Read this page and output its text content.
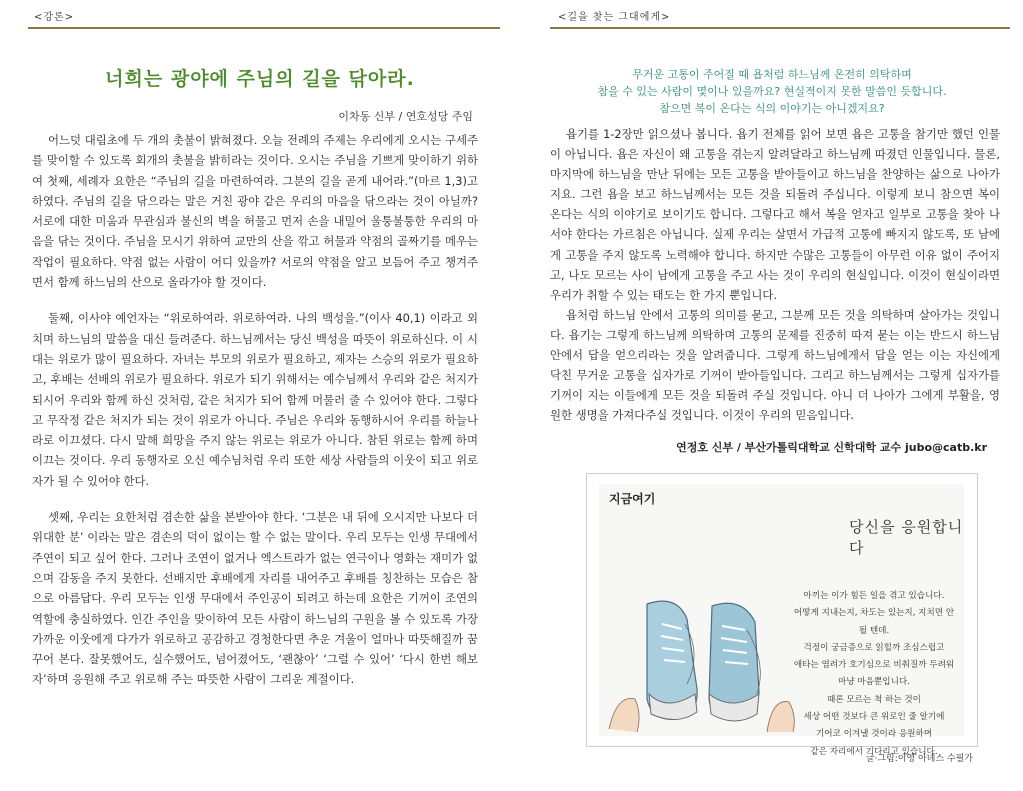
<강론>
너희는 광야에 주님의 길을 닦아라.
이차동 신부 / 연호성당 주임

어느덧 대림초에 두 개의 촛불이 밝혀졌다. 오늘 전례의 주제는 우리에게 오시는 구세주를 맞이할 수 있도록 회개의 촛불을 밝히라는 것이다. 오시는 주님을 기쁘게 맞이하기 위하여 첫째, 세례자 요한은 “주님의 길을 마련하여라. 그분의 길을 곧게 내어라.”(마르 1,3)고 하였다. 주님의 길을 닦으라는 말은 거친 광야 같은 우리의 마음을 닦으라는 것이 아닐까? 서로에 대한 미움과 무관심과 불신의 벽을 허물고 먼저 손을 내밀어 울퉁불퉁한 우리의 마음을 닦는 것이다. 주님을 모시기 위하여 교만의 산을 깎고 허물과 약점의 골짜기를 메우는 작업이 필요하다. 약점 없는 사람이 어디 있을까? 서로의 약점을 알고 보듬어 주고 챙겨주면서 함께 하느님의 산으로 올라가야 할 것이다.

둘째, 이사야 예언자는 “위로하여라. 위로하여라. 나의 백성을.”(이사 40,1) 이라고 외치며 하느님의 말씀을 대신 들려준다. 하느님께서는 당신 백성을 따뜻이 위로하신다. 이 시대는 위로가 많이 필요하다. 자녀는 부모의 위로가 필요하고, 제자는 스승의 위로가 필요하고, 후배는 선배의 위로가 필요하다. 위로가 되기 위해서는 예수님께서 우리와 같은 처지가 되시어 우리와 함께 하신 것처럼, 같은 처지가 되어 함께 머물러 줄 수 있어야 한다. 그렇다고 무작정 같은 처지가 되는 것이 위로가 아니다. 주님은 우리와 동행하시어 우리를 하늘나라로 이끄셨다. 다시 말해 희망을 주지 않는 위로는 위로가 아니다. 참된 위로는 함께 하며 이끄는 것이다. 우리 동행자로 오신 예수님처럼 우리 또한 세상 사람들의 이웃이 되고 위로자가 될 수 있어야 한다.

셋째, 우리는 요한처럼 겸손한 삶을 본받아야 한다. ‘그분은 내 뒤에 오시지만 나보다 더 위대한 분’ 이라는 말은 겸손의 덕이 없이는 할 수 없는 말이다. 우리 모두는 인생 무대에서 주연이 되고 싶어 한다. 그러나 조연이 없거나 엑스트라가 없는 연극이나 영화는 재미가 없으며 감동을 주지 못한다. 선배지만 후배에게 자리를 내어주고 후배를 칭찬하는 모습은 참으로 아름답다. 우리 모두는 인생 무대에서 주인공이 되려고 하는데 요한은 기꺼이 조연의 역할에 충실하였다. 인간 주인을 맞이하여 모든 사람이 하느님의 구원을 볼 수 있도록 가장 가까운 이웃에게 다가가 위로하고 공감하고 경청한다면 추운 겨울이 얼마나 따뜻해질까 꿈꾸어 본다. 잘못했어도, 실수했어도, 넘어졌어도, ‘괜찮아’ ‘그럴 수 있어’ ‘다시 한번 해보자’하며 응원해 주고 위로해 주는 따뜻한 사람이 그리운 계절이다.

<길을 찾는 그대에게>
무거운 고통이 주어질 때 욥처럼 하느님께 온전히 의탁하며
참을 수 있는 사람이 몇이나 있을까요? 현실적이지 못한 말씀인 듯합니다.
참으면 복이 온다는 식의 이야기는 아니겠지요?

욥기를 1-2장만 읽으셨나 봅니다. 욥기 전체를 읽어 보면 욥은 고통을 참기만 했던 인물이 아닙니다. 욥은 자신이 왜 고통을 겪는지 알려달라고 하느님께 따졌던 인물입니다. 물론, 마지막에 하느님을 만난 뒤에는 모든 고통을 받아들이고 하느님을 찬양하는 삶으로 나아가지요. 그런 욥을 보고 하느님께서는 모든 것을 되돌려 주십니다. 이렇게 보니 참으면 복이 온다는 식의 이야기로 보이기도 합니다. 그렇다고 해서 복을 얻자고 일부로 고통을 찾아 나서야 한다는 가르침은 아닙니다. 실제 우리는 살면서 가급적 고통에 빠지지 않도록, 또 남에게 고통을 주지 않도록 노력해야 합니다. 하지만 수많은 고통들이 아무런 이유 없이 주어지고, 나도 모르는 사이 남에게 고통을 주고 사는 것이 우리의 현실입니다. 이것이 현실이라면 우리가 취할 수 있는 태도는 한 가지 뿐입니다.

욥처럼 하느님 안에서 고통의 의미를 묻고, 그분께 모든 것을 의탁하며 살아가는 것입니다. 욥기는 그렇게 하느님께 의탁하며 고통의 문제를 진중히 따져 묻는 이는 반드시 하느님 안에서 답을 얻으리라는 것을 알려줍니다. 그렇게 하느님에게서 답을 얻는 이는 자신에게 닥친 무거운 고통을 십자가로 기꺼이 받아들입니다. 그리고 하느님께서는 그렇게 십자가를 기꺼이 지는 이들에게 모든 것을 되돌려 주실 것입니다. 아니 더 나아가 그에게 부활을, 영원한 생명을 가져다주실 것입니다. 이것이 우리의 믿음입니다.

연정호 신부 / 부산가톨릭대학교 신학대학 교수 jubo@catb.kr
지금여기
당신을 응원합니다
아끼는 이가 힘든 일을 겪고 있습니다.
어떻게 지내는지, 차도는 있는지, 지치면 안 될 텐데.
걱정이 궁금증으로 읽힐까 조심스럽고
애타는 염려가 호기심으로 비춰질까 두려워
마냥 마음뿐입니다.
때론 모르는 척 하는 것이
세상 어떤 것보다 큰 위로인 줄 알기에
기어코 이겨낼 것이라 응원하며
같은 자리에서 기다리고 있습니다.
글·그림:이영 아녜스 수필가
